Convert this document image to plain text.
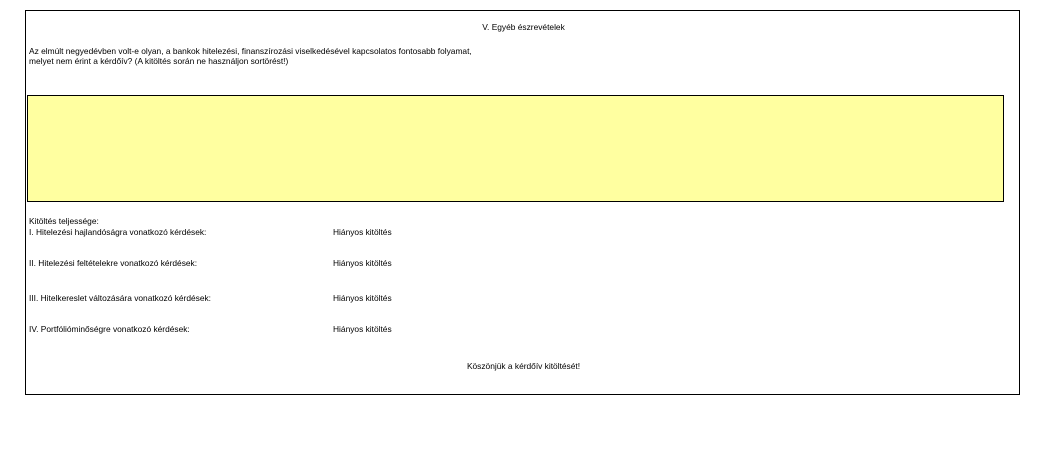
V. Egyéb észrevételek
Az elmúlt negyedévben volt-e olyan, a bankok hitelezési, finanszírozási viselkedésével kapcsolatos fontosabb folyamat,
melyet nem érint a kérdőív? (A kitöltés során ne használjon sortörést!)
Kitöltés teljessége:
I. Hitelezési hajlandóságra vonatkozó kérdések:	Hiányos kitöltés
II. Hitelezési feltételekre vonatkozó kérdések:	Hiányos kitöltés
III. Hitelkereslet változására vonatkozó kérdések:	Hiányos kitöltés
IV. Portfólióminőségre vonatkozó kérdések:	Hiányos kitöltés
Köszönjük a kérdőív kitöltését!
